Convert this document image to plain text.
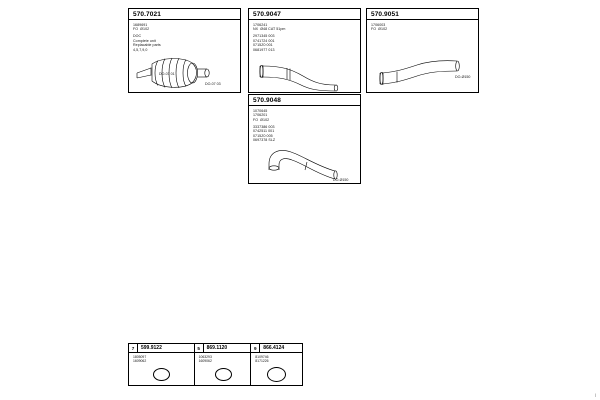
570.7021
1689691
FO  Ø102
DOC
Complete unit
Replacable parts
4,5,7,9,0
DO-07 01
DO-07 03
570.9047
1706241
NX  Ø48 CAT 51pm
2971345 003
0741724 001
0715Z0 001
0681977 013
570.9051
1706003
FO  Ø102
DO-Ø150
570.9048
1070645
1706201
FO  Ø102
3337386 003
0742511 001
0715Z0 005
0697378 SLZ
DO-Ø150
7	599.9122
1805097
1609062
5	869.1120
1063293
1609062
9	866.4124
8109746
8171226
|
